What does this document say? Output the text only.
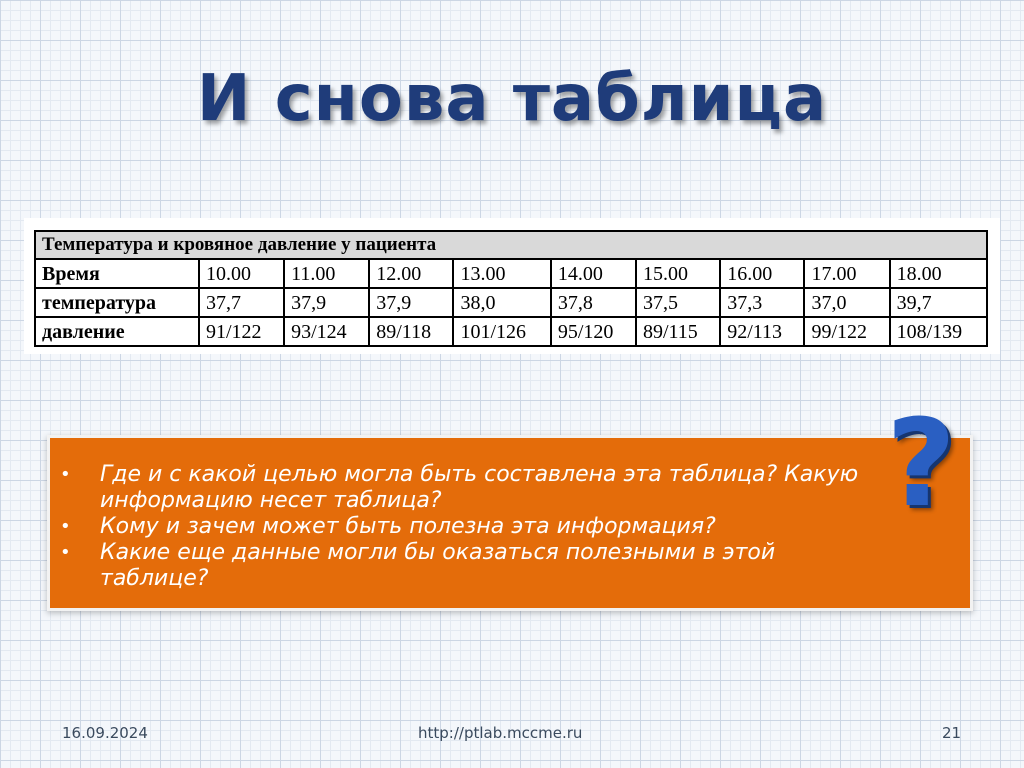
И снова таблица
Температура и кровяное давление у пациента									
Время	10.00	11.00	12.00	13.00	14.00	15.00	16.00	17.00	18.00
температура	37,7	37,9	37,9	38,0	37,8	37,5	37,3	37,0	39,7
давление	91/122	93/124	89/118	101/126	95/120	89/115	92/113	99/122	108/139
• Где и с какой целью могла быть составлена эта таблица? Какую информацию несет таблица?
• Кому и зачем может быть полезна эта информация?
• Какие еще данные могли бы оказаться полезными в этой таблице?
?
16.09.2024	http://ptlab.mccme.ru	21
